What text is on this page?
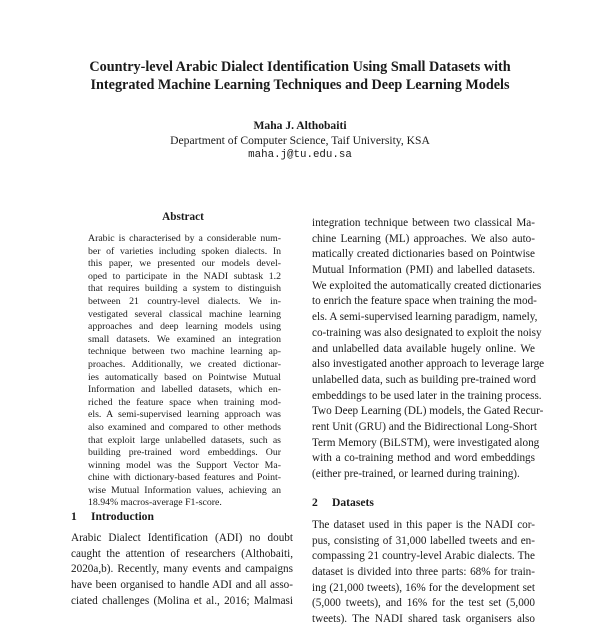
Country-level Arabic Dialect Identification Using Small Datasets with
Integrated Machine Learning Techniques and Deep Learning Models
Maha J. Althobaiti
Department of Computer Science, Taif University, KSA
maha.j@tu.edu.sa
Abstract
Arabic is characterised by a considerable num-
ber of varieties including spoken dialects. In
this paper, we presented our models devel-
oped to participate in the NADI subtask 1.2
that requires building a system to distinguish
between 21 country-level dialects. We in-
vestigated several classical machine learning
approaches and deep learning models using
small datasets. We examined an integration
technique between two machine learning ap-
proaches. Additionally, we created dictionar-
ies automatically based on Pointwise Mutual
Information and labelled datasets, which en-
riched the feature space when training mod-
els. A semi-supervised learning approach was
also examined and compared to other methods
that exploit large unlabelled datasets, such as
building pre-trained word embeddings. Our
winning model was the Support Vector Ma-
chine with dictionary-based features and Point-
wise Mutual Information values, achieving an
18.94% macros-average F1-score.
1 Introduction
Arabic Dialect Identification (ADI) no doubt
caught the attention of researchers (Althobaiti,
2020a,b). Recently, many events and campaigns
have been organised to handle ADI and all asso-
ciated challenges (Molina et al., 2016; Malmasi
integration technique between two classical Ma-
chine Learning (ML) approaches. We also auto-
matically created dictionaries based on Pointwise
Mutual Information (PMI) and labelled datasets.
We exploited the automatically created dictionaries
to enrich the feature space when training the mod-
els. A semi-supervised learning paradigm, namely,
co-training was also designated to exploit the noisy
and unlabelled data available hugely online. We
also investigated another approach to leverage large
unlabelled data, such as building pre-trained word
embeddings to be used later in the training process.
Two Deep Learning (DL) models, the Gated Recur-
rent Unit (GRU) and the Bidirectional Long-Short
Term Memory (BiLSTM), were investigated along
with a co-training method and word embeddings
(either pre-trained, or learned during training).
2 Datasets
The dataset used in this paper is the NADI cor-
pus, consisting of 31,000 labelled tweets and en-
compassing 21 country-level Arabic dialects. The
dataset is divided into three parts: 68% for train-
ing (21,000 tweets), 16% for the development set
(5,000 tweets), and 16% for the test set (5,000
tweets). The NADI shared task organisers also
